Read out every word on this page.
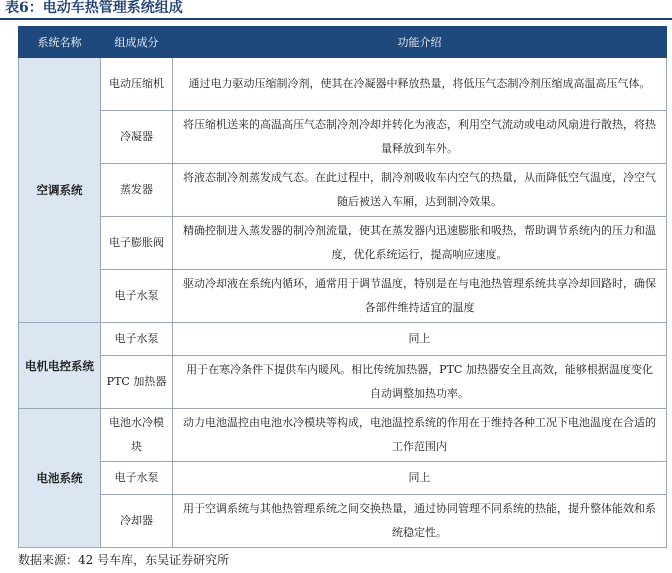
表6：电动车热管理系统组成
系统名称	组成成分	功能介绍
空调系统	电动压缩机	通过电力驱动压缩制冷剂，使其在冷凝器中释放热量，将低压气态制冷剂压缩成高温高压气体。
	冷凝器	将压缩机送来的高温高压气态制冷剂冷却并转化为液态，利用空气流动或电动风扇进行散热，将热量释放到车外。
	蒸发器	将液态制冷剂蒸发成气态。在此过程中，制冷剂吸收车内空气的热量，从而降低空气温度，冷空气随后被送入车厢，达到制冷效果。
	电子膨胀阀	精确控制进入蒸发器的制冷剂流量，使其在蒸发器内迅速膨胀和吸热，帮助调节系统内的压力和温度，优化系统运行，提高响应速度。
	电子水泵	驱动冷却液在系统内循环，通常用于调节温度，特别是在与电池热管理系统共享冷却回路时，确保各部件维持适宜的温度
电机电控系统	电子水泵	同上
	PTC 加热器	用于在寒冷条件下提供车内暖风。相比传统加热器，PTC 加热器安全且高效，能够根据温度变化自动调整加热功率。
电池系统	电池水冷模块	动力电池温控由电池水冷模块等构成，电池温控系统的作用在于维持各种工况下电池温度在合适的工作范围内
	电子水泵	同上
	冷却器	用于空调系统与其他热管理系统之间交换热量，通过协同管理不同系统的热能，提升整体能效和系统稳定性。
数据来源：42 号车库，东吴证券研究所
